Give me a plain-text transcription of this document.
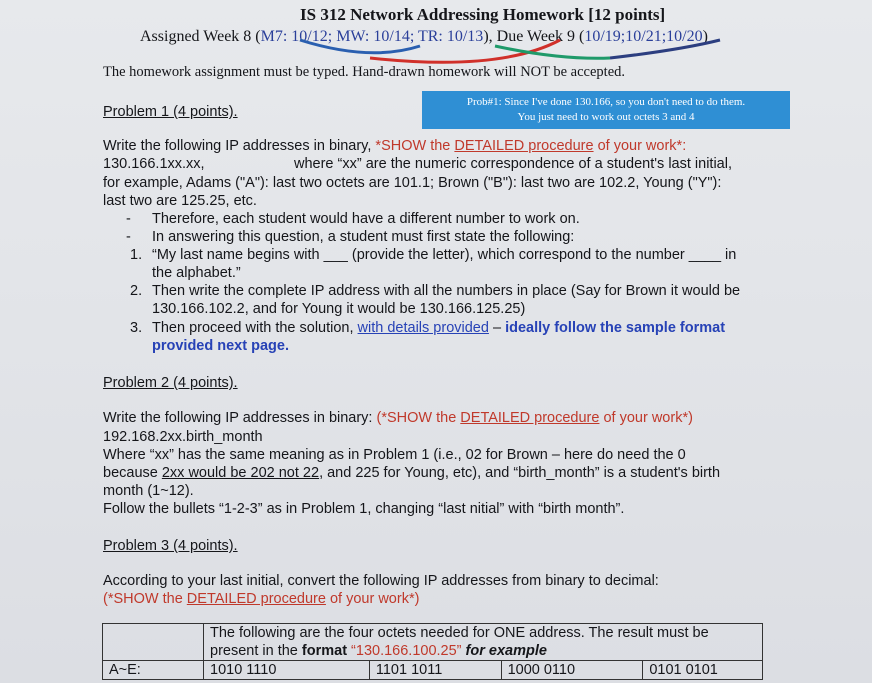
IS 312 Network Addressing Homework [12 points]
Assigned Week 8 (M7: 10/12; MW: 10/14; TR: 10/13), Due Week 9 (10/19;10/21;10/20)
The homework assignment must be typed. Hand-drawn homework will NOT be accepted.
Problem 1 (4 points).
Prob#1: Since I've done 130.166, so you don't need to do them.
You just need to work out octets 3 and 4
Write the following IP addresses in binary, *SHOW the DETAILED procedure of your work*:
130.166.1xx.xx,	where “xx” are the numeric correspondence of a student's last initial,
for example, Adams ("A"): last two octets are 101.1; Brown ("B"): last two are 102.2, Young ("Y"):
last two are 125.25, etc.
- Therefore, each student would have a different number to work on.
- In answering this question, a student must first state the following:
1. “My last name begins with ___ (provide the letter), which correspond to the number ____ in
the alphabet.”
2. Then write the complete IP address with all the numbers in place (Say for Brown it would be
130.166.102.2, and for Young it would be 130.166.125.25)
3. Then proceed with the solution, with details provided – ideally follow the sample format
provided next page.
Problem 2 (4 points).
Write the following IP addresses in binary: (*SHOW the DETAILED procedure of your work*)
192.168.2xx.birth_month
Where “xx” has the same meaning as in Problem 1 (i.e., 02 for Brown – here do need the 0
because 2xx would be 202 not 22, and 225 for Young, etc), and “birth_month” is a student's birth
month (1~12).
Follow the bullets “1-2-3” as in Problem 1, changing “last nitial” with “birth month”.
Problem 3 (4 points).
According to your last initial, convert the following IP addresses from binary to decimal:
(*SHOW the DETAILED procedure of your work*)

	The following are the four octets needed for ONE address. The result must be
present in the format “130.166.100.25” for example			

A~E:	1010 1110	1101 1011	1000 0110	0101 0101
